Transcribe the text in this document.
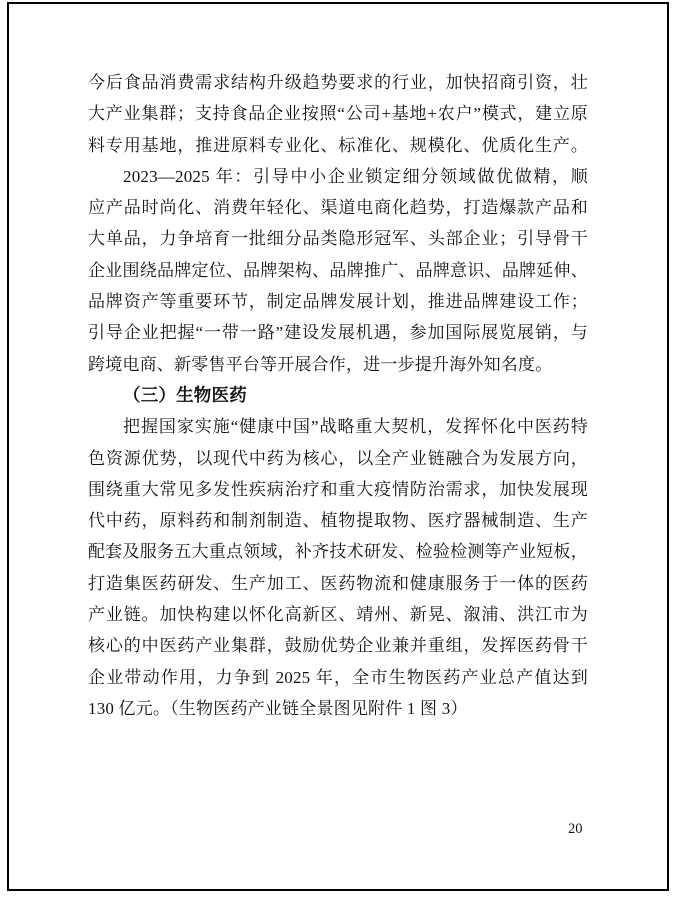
今后食品消费需求结构升级趋势要求的行业，加快招商引资，壮
大产业集群；支持食品企业按照“公司+基地+农户”模式，建立原
料专用基地，推进原料专业化、标准化、规模化、优质化生产。
2023—2025 年：引导中小企业锁定细分领域做优做精，顺
应产品时尚化、消费年轻化、渠道电商化趋势，打造爆款产品和
大单品，力争培育一批细分品类隐形冠军、头部企业；引导骨干
企业围绕品牌定位、品牌架构、品牌推广、品牌意识、品牌延伸、
品牌资产等重要环节，制定品牌发展计划，推进品牌建设工作；
引导企业把握“一带一路”建设发展机遇，参加国际展览展销，与
跨境电商、新零售平台等开展合作，进一步提升海外知名度。
（三）生物医药
把握国家实施“健康中国”战略重大契机，发挥怀化中医药特
色资源优势，以现代中药为核心，以全产业链融合为发展方向，
围绕重大常见多发性疾病治疗和重大疫情防治需求，加快发展现
代中药，原料药和制剂制造、植物提取物、医疗器械制造、生产
配套及服务五大重点领域，补齐技术研发、检验检测等产业短板，
打造集医药研发、生产加工、医药物流和健康服务于一体的医药
产业链。加快构建以怀化高新区、靖州、新晃、溆浦、洪江市为
核心的中医药产业集群，鼓励优势企业兼并重组，发挥医药骨干
企业带动作用，力争到 2025 年，全市生物医药产业总产值达到
130 亿元。（生物医药产业链全景图见附件 1 图 3）
20
